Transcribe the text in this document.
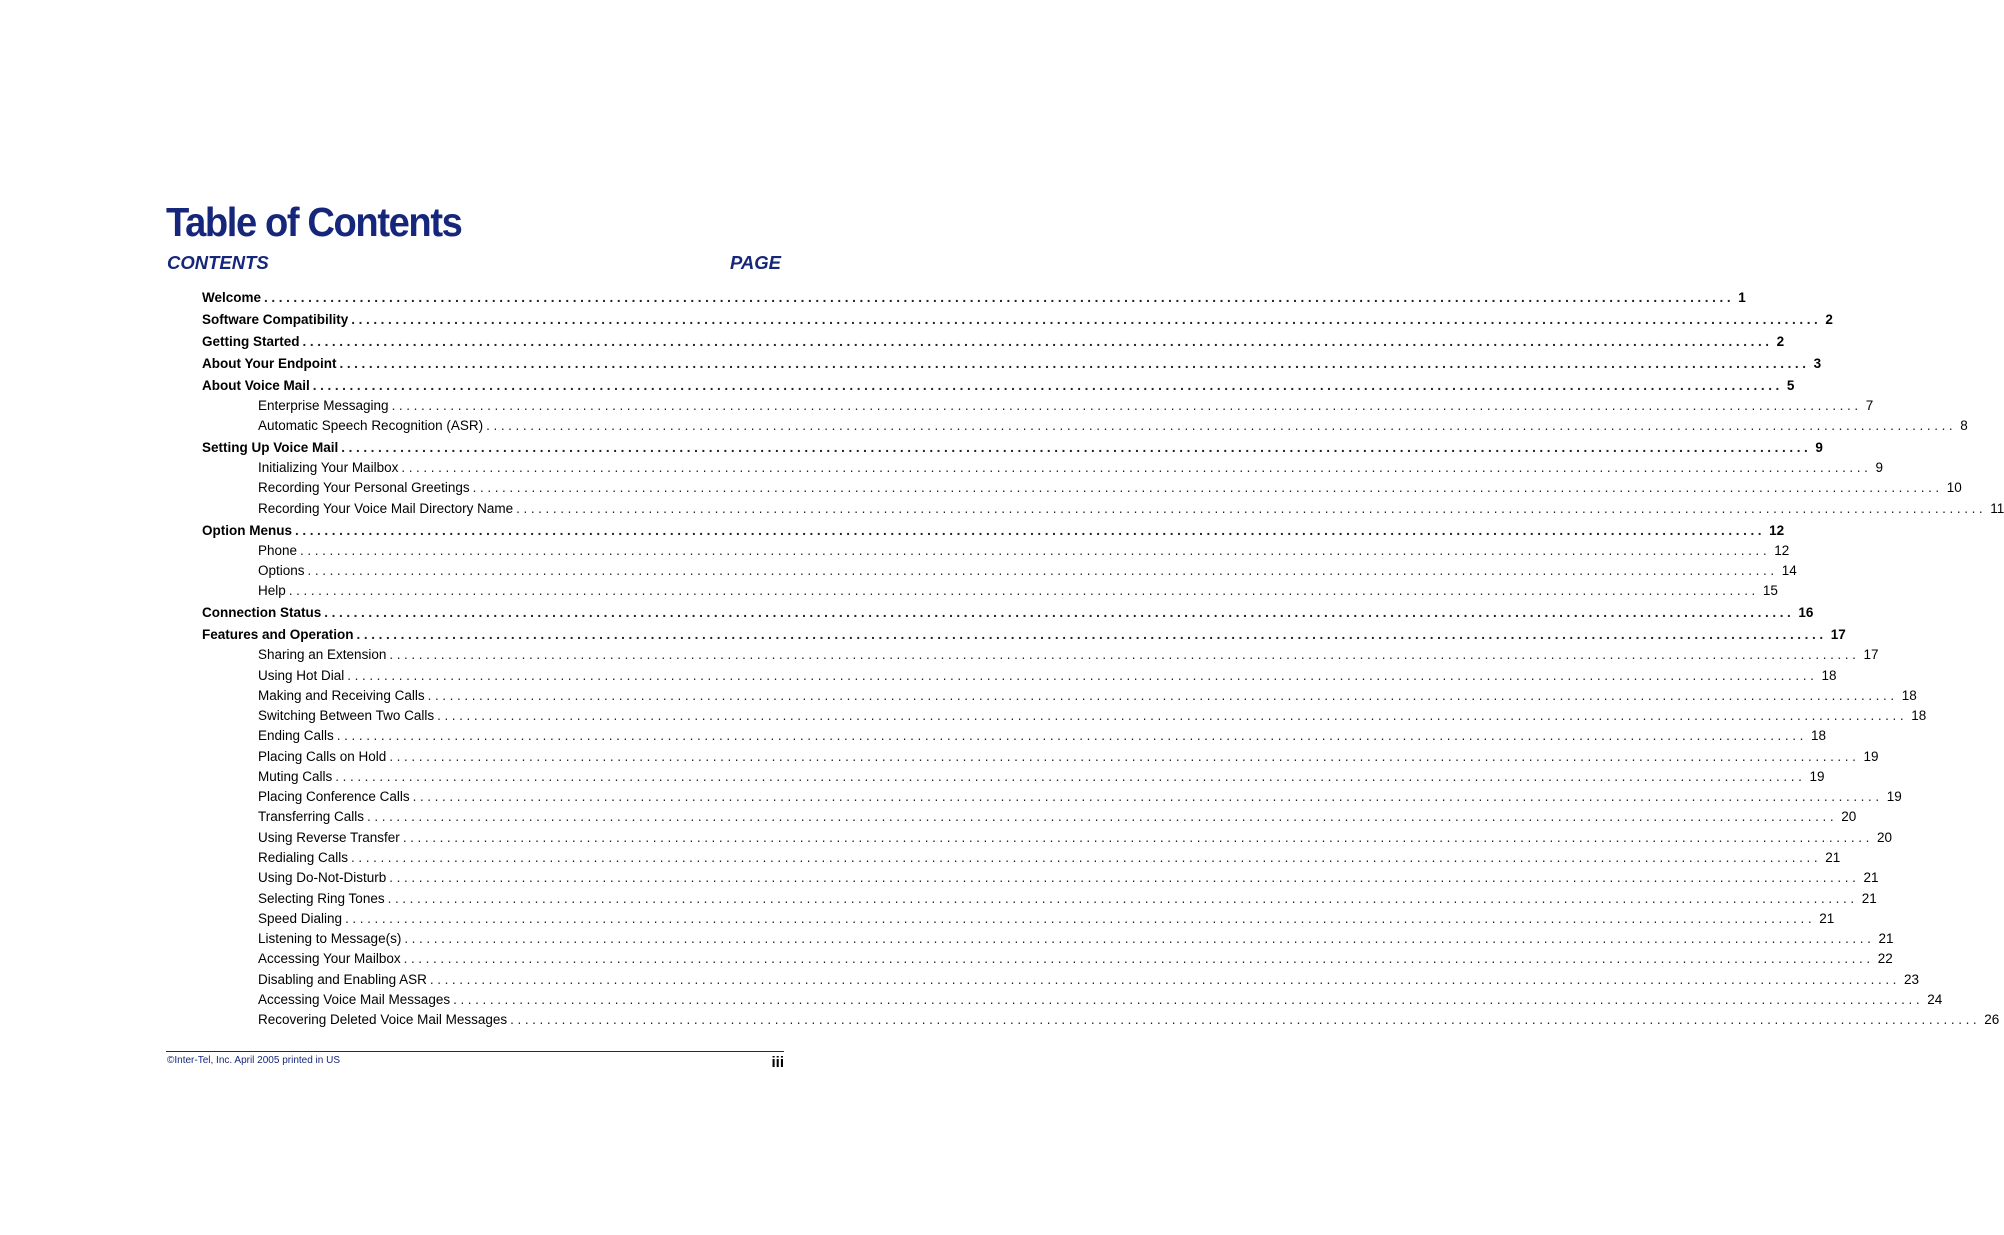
Table of Contents
CONTENTS	PAGE
Welcome ........................................................................................................................................................................................................ 1
Software Compatibility ........................................................................................................................................................................................................ 2
Getting Started ........................................................................................................................................................................................................ 2
About Your Endpoint ........................................................................................................................................................................................................ 3
About Voice Mail ........................................................................................................................................................................................................ 5
Enterprise Messaging ........................................................................................................................................................................................................ 7
Automatic Speech Recognition (ASR) ........................................................................................................................................................................................................ 8
Setting Up Voice Mail ........................................................................................................................................................................................................ 9
Initializing Your Mailbox ........................................................................................................................................................................................................ 9
Recording Your Personal Greetings ........................................................................................................................................................................................................ 10
Recording Your Voice Mail Directory Name ........................................................................................................................................................................................................ 11
Option Menus ........................................................................................................................................................................................................ 12
Phone ........................................................................................................................................................................................................ 12
Options ........................................................................................................................................................................................................ 14
Help ........................................................................................................................................................................................................ 15
Connection Status ........................................................................................................................................................................................................ 16
Features and Operation ........................................................................................................................................................................................................ 17
Sharing an Extension ........................................................................................................................................................................................................ 17
Using Hot Dial ........................................................................................................................................................................................................ 18
Making and Receiving Calls ........................................................................................................................................................................................................ 18
Switching Between Two Calls ........................................................................................................................................................................................................ 18
Ending Calls ........................................................................................................................................................................................................ 18
Placing Calls on Hold ........................................................................................................................................................................................................ 19
Muting Calls ........................................................................................................................................................................................................ 19
Placing Conference Calls ........................................................................................................................................................................................................ 19
Transferring Calls ........................................................................................................................................................................................................ 20
Using Reverse Transfer ........................................................................................................................................................................................................ 20
Redialing Calls ........................................................................................................................................................................................................ 21
Using Do-Not-Disturb ........................................................................................................................................................................................................ 21
Selecting Ring Tones ........................................................................................................................................................................................................ 21
Speed Dialing ........................................................................................................................................................................................................ 21
Listening to Message(s) ........................................................................................................................................................................................................ 21
Accessing Your Mailbox ........................................................................................................................................................................................................ 22
Disabling and Enabling ASR ........................................................................................................................................................................................................ 23
Accessing Voice Mail Messages ........................................................................................................................................................................................................ 24
Recovering Deleted Voice Mail Messages ........................................................................................................................................................................................................ 26
©Inter-Tel, Inc. April 2005 printed in US	iii
